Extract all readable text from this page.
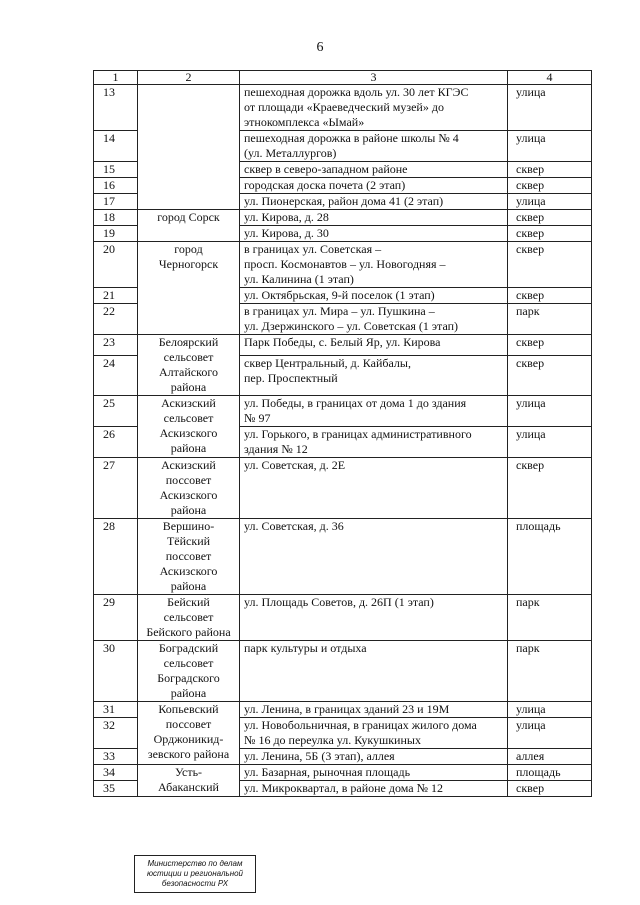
6
1	2	3	4
13		пешеходная дорожка вдоль ул. 30 лет КГЭС
от площади «Краеведческий музей» до
этнокомплекса «Ымай»	улица
14		пешеходная дорожка в районе школы № 4
(ул. Металлургов)	улица
15		сквер в северо-западном районе	сквер
16		городская доска почета (2 этап)	сквер
17		ул. Пионерская, район дома 41 (2 этап)	улица
18	город Сорск	ул. Кирова, д. 28	сквер
19		ул. Кирова, д. 30	сквер
20	город
Черногорск	в границах ул. Советская –
просп. Космонавтов – ул. Новогодняя –
ул. Калинина (1 этап)	сквер
21		ул. Октябрьская, 9-й поселок (1 этап)	сквер
22		в границах ул. Мира – ул. Пушкина –
ул. Дзержинского – ул. Советская (1 этап)	парк
23	Белоярский
сельсовет
Алтайского
района	Парк Победы, с. Белый Яр, ул. Кирова	сквер
24		сквер Центральный, д. Кайбалы,
пер. Проспектный	сквер
25	Аскизский
сельсовет
Аскизского
района	ул. Победы, в границах от дома 1 до здания
№ 97	улица
26		ул. Горького, в границах административного
здания № 12	улица
27	Аскизский
поссовет
Аскизского
района	ул. Советская, д. 2Е	сквер
28	Вершино-
Тёйский
поссовет
Аскизского
района	ул. Советская, д. 36	площадь
29	Бейский
сельсовет
Бейского района	ул. Площадь Советов, д. 26П (1 этап)	парк
30	Боградский
сельсовет
Боградского
района	парк культуры и отдыха	парк
31	Копьевский
поссовет
Орджоникид-
зевского района	ул. Ленина, в границах зданий 23 и 19М	улица
32		ул. Новобольничная, в границах жилого дома
№ 16 до переулка ул. Кукушкиных	улица
33		ул. Ленина, 5Б (3 этап), аллея	аллея
34	Усть-
Абаканский	ул. Базарная, рыночная площадь	площадь
35		ул. Микроквартал, в районе дома № 12	сквер
Министерство по делам
юстиции и региональной
безопасности РХ
